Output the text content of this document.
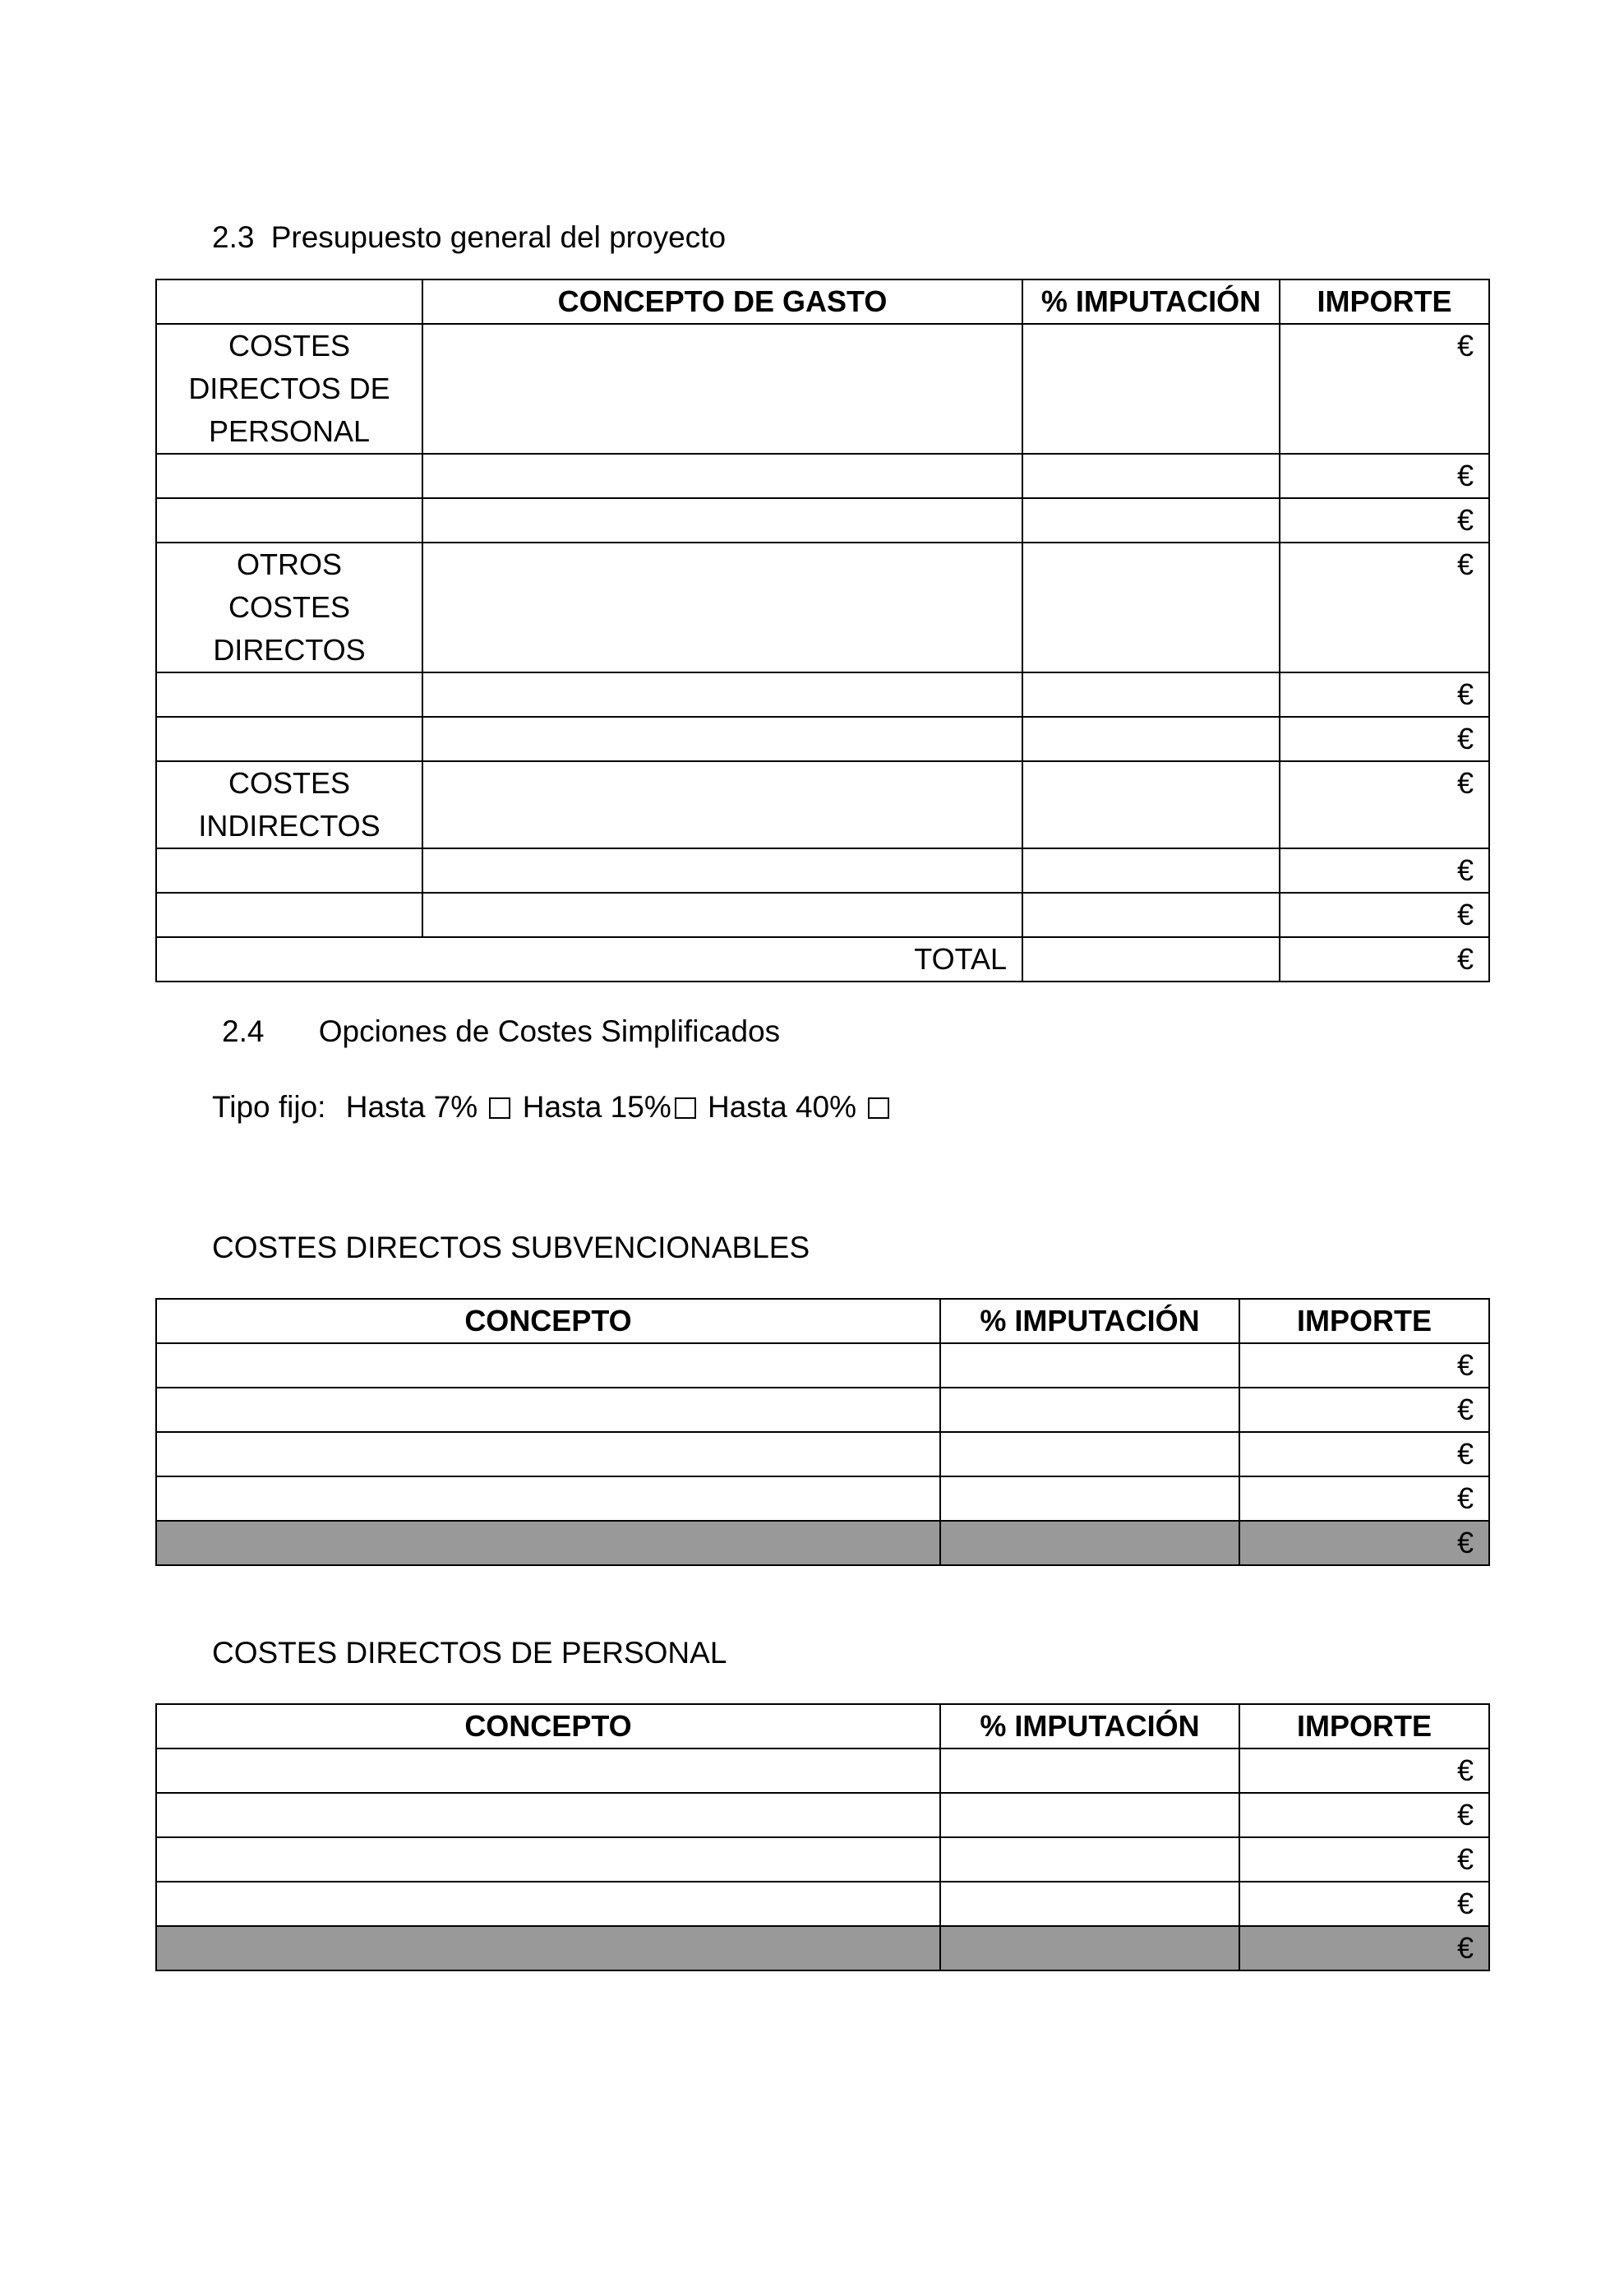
2.3 Presupuesto general del proyecto
	CONCEPTO DE GASTO	% IMPUTACIÓN	IMPORTE
COSTES DIRECTOS DE PERSONAL			€
			€
			€
OTROS COSTES DIRECTOS			€
			€
			€
COSTES INDIRECTOS			€
			€
			€
TOTAL			€
2.4 Opciones de Costes Simplificados
Tipo fijo: Hasta 7% Hasta 15% Hasta 40%
COSTES DIRECTOS SUBVENCIONABLES
CONCEPTO	% IMPUTACIÓN	IMPORTE
		€
		€
		€
		€
		€
COSTES DIRECTOS DE PERSONAL
CONCEPTO	% IMPUTACIÓN	IMPORTE
		€
		€
		€
		€
		€
